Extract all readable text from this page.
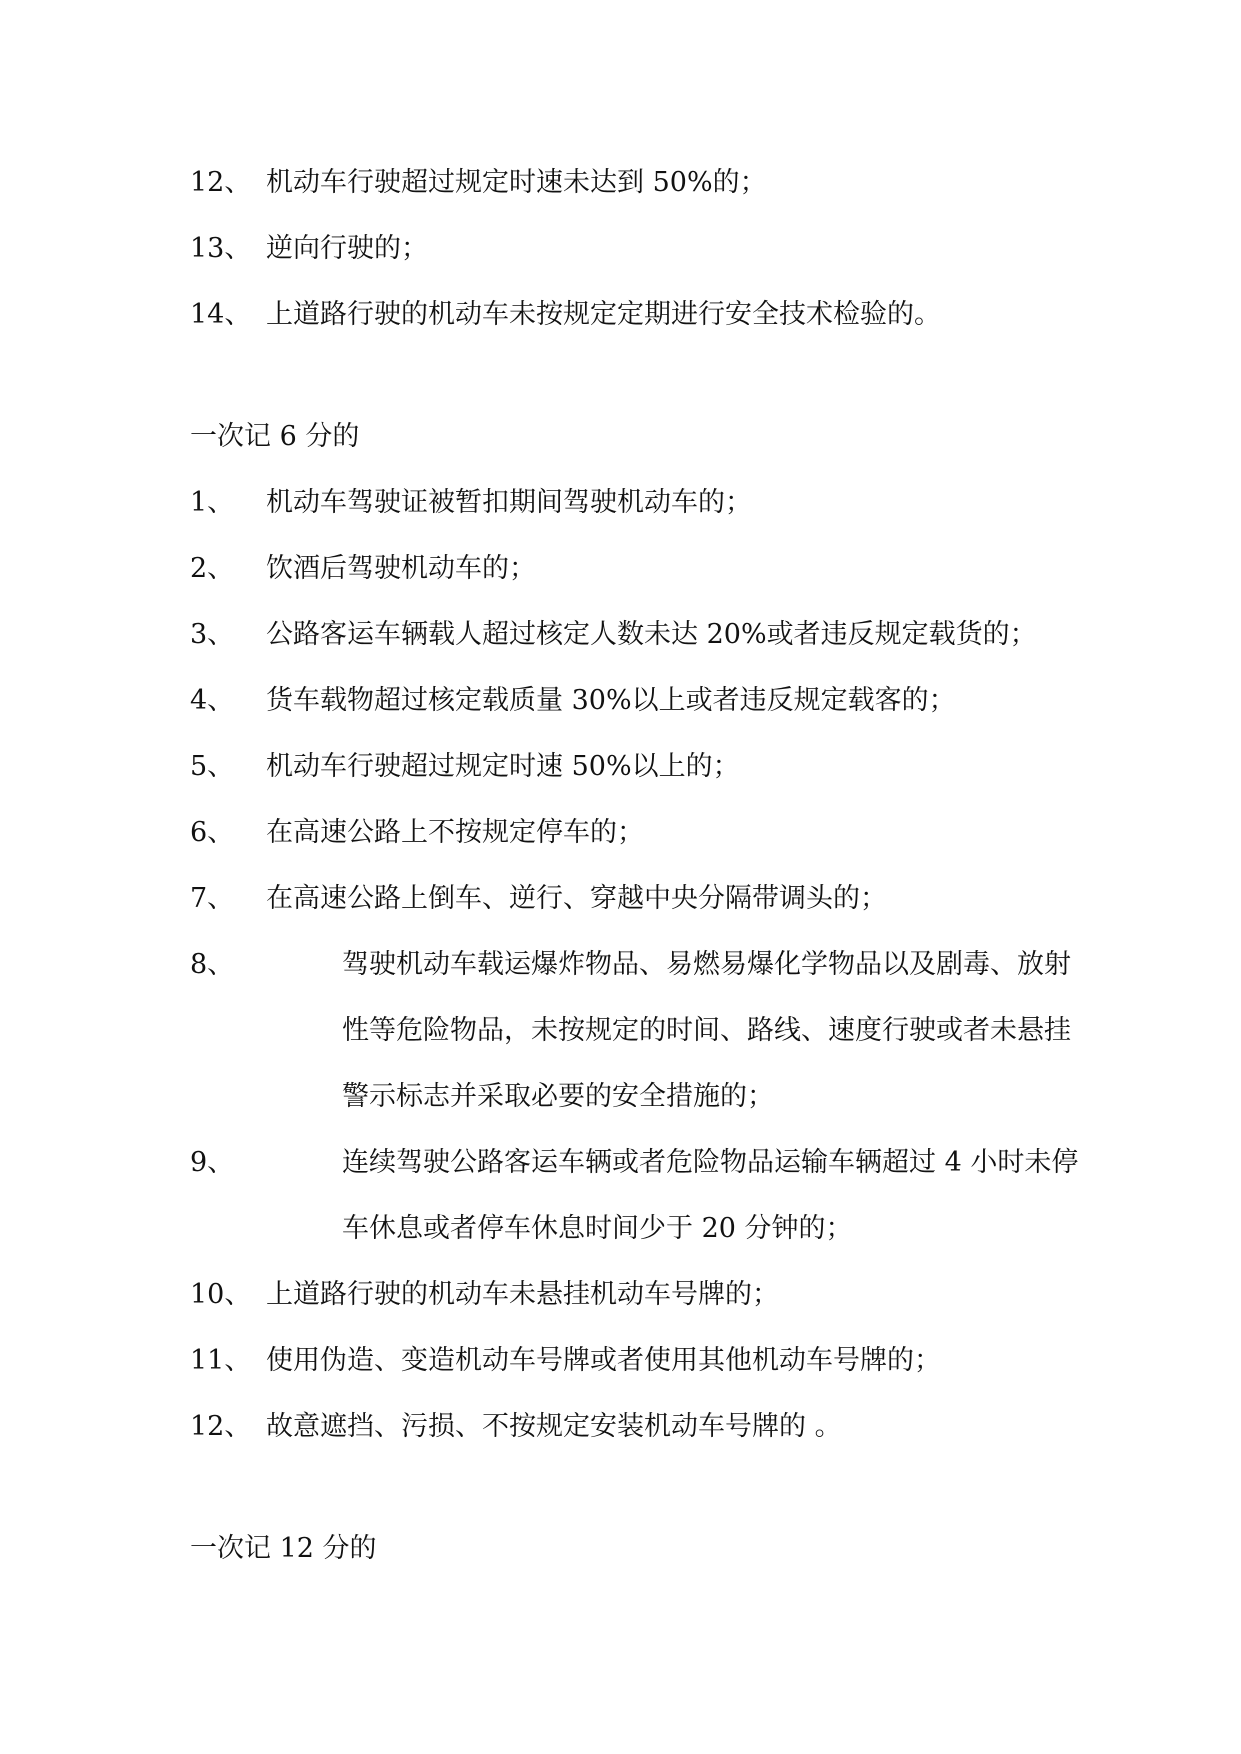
12、 机动车行驶超过规定时速未达到 50%的；
13、 逆向行驶的；
14、 上道路行驶的机动车未按规定定期进行安全技术检验的。
一次记 6 分的
1、	机动车驾驶证被暂扣期间驾驶机动车的；
2、	饮酒后驾驶机动车的；
3、	公路客运车辆载人超过核定人数未达 20%或者违反规定载货的；
4、	货车载物超过核定载质量 30%以上或者违反规定载客的；
5、	机动车行驶超过规定时速 50%以上的；
6、	在高速公路上不按规定停车的；
7、	在高速公路上倒车、逆行、穿越中央分隔带调头的；
8、	驾驶机动车载运爆炸物品、易燃易爆化学物品以及剧毒、放射
性等危险物品，未按规定的时间、路线、速度行驶或者未悬挂
警示标志并采取必要的安全措施的；
9、	连续驾驶公路客运车辆或者危险物品运输车辆超过 4 小时未停
车休息或者停车休息时间少于 20 分钟的；
10、 上道路行驶的机动车未悬挂机动车号牌的；
11、 使用伪造、变造机动车号牌或者使用其他机动车号牌的；
12、 故意遮挡、污损、不按规定安装机动车号牌的 。
一次记 12 分的
